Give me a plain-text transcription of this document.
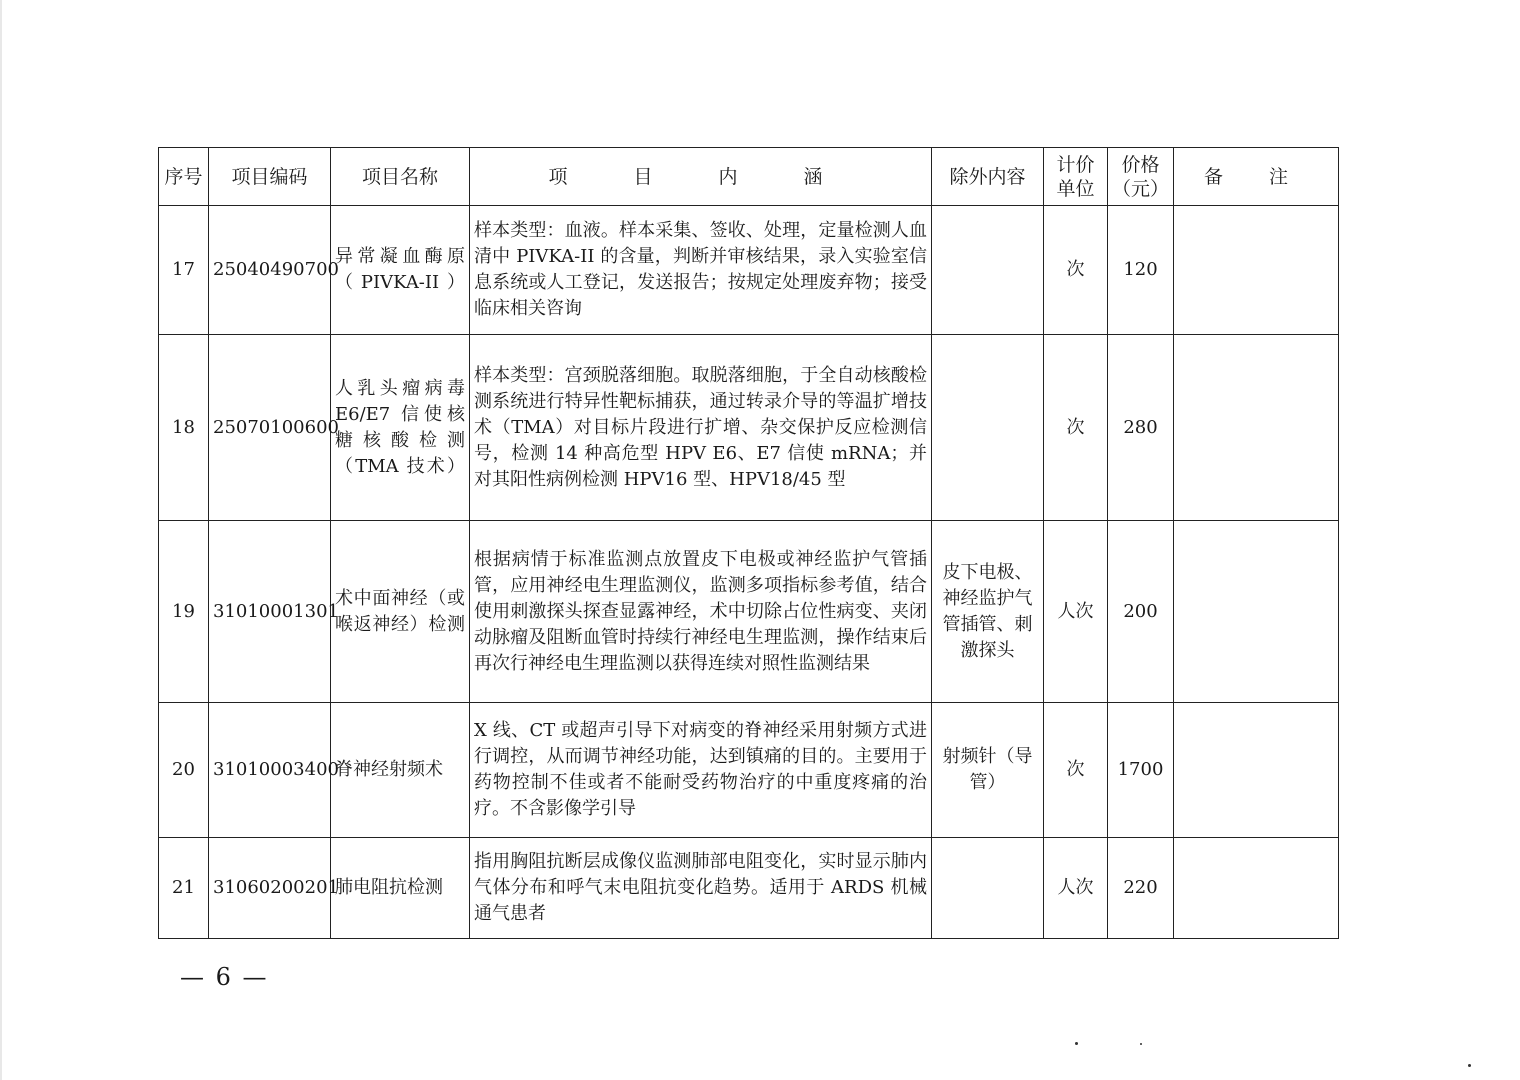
序号	项目编码	项目名称	项 目 内 涵	除外内容	计价单位	价格（元）	备 注
17	25040490700	异常凝血酶原（PIVKA-II）	样本类型：血液。样本采集、签收、处理，定量检测人血清中 PIVKA-II 的含量，判断并审核结果，录入实验室信息系统或人工登记，发送报告；按规定处理废弃物；接受临床相关咨询		次	120	
18	25070100600	人乳头瘤病毒 E6/E7 信使核糖核酸检测（TMA 技术）	样本类型：宫颈脱落细胞。取脱落细胞，于全自动核酸检测系统进行特异性靶标捕获，通过转录介导的等温扩增技术（TMA）对目标片段进行扩增、杂交保护反应检测信号，检测 14 种高危型 HPV E6、E7 信使 mRNA；并对其阳性病例检测 HPV16 型、HPV18/45 型		次	280	
19	31010001301	术中面神经（或喉返神经）检测	根据病情于标准监测点放置皮下电极或神经监护气管插管，应用神经电生理监测仪，监测多项指标参考值，结合使用刺激探头探查显露神经，术中切除占位性病变、夹闭动脉瘤及阻断血管时持续行神经电生理监测，操作结束后再次行神经电生理监测以获得连续对照性监测结果	皮下电极、神经监护气管插管、刺激探头	人次	200	
20	31010003400	脊神经射频术	X 线、CT 或超声引导下对病变的脊神经采用射频方式进行调控，从而调节神经功能，达到镇痛的目的。主要用于药物控制不佳或者不能耐受药物治疗的中重度疼痛的治疗。不含影像学引导	射频针（导管）	次	1700	
21	31060200201	肺电阻抗检测	指用胸阻抗断层成像仪监测肺部电阻变化，实时显示肺内气体分布和呼气末电阻抗变化趋势。适用于 ARDS 机械通气患者		人次	220	
— 6 —
